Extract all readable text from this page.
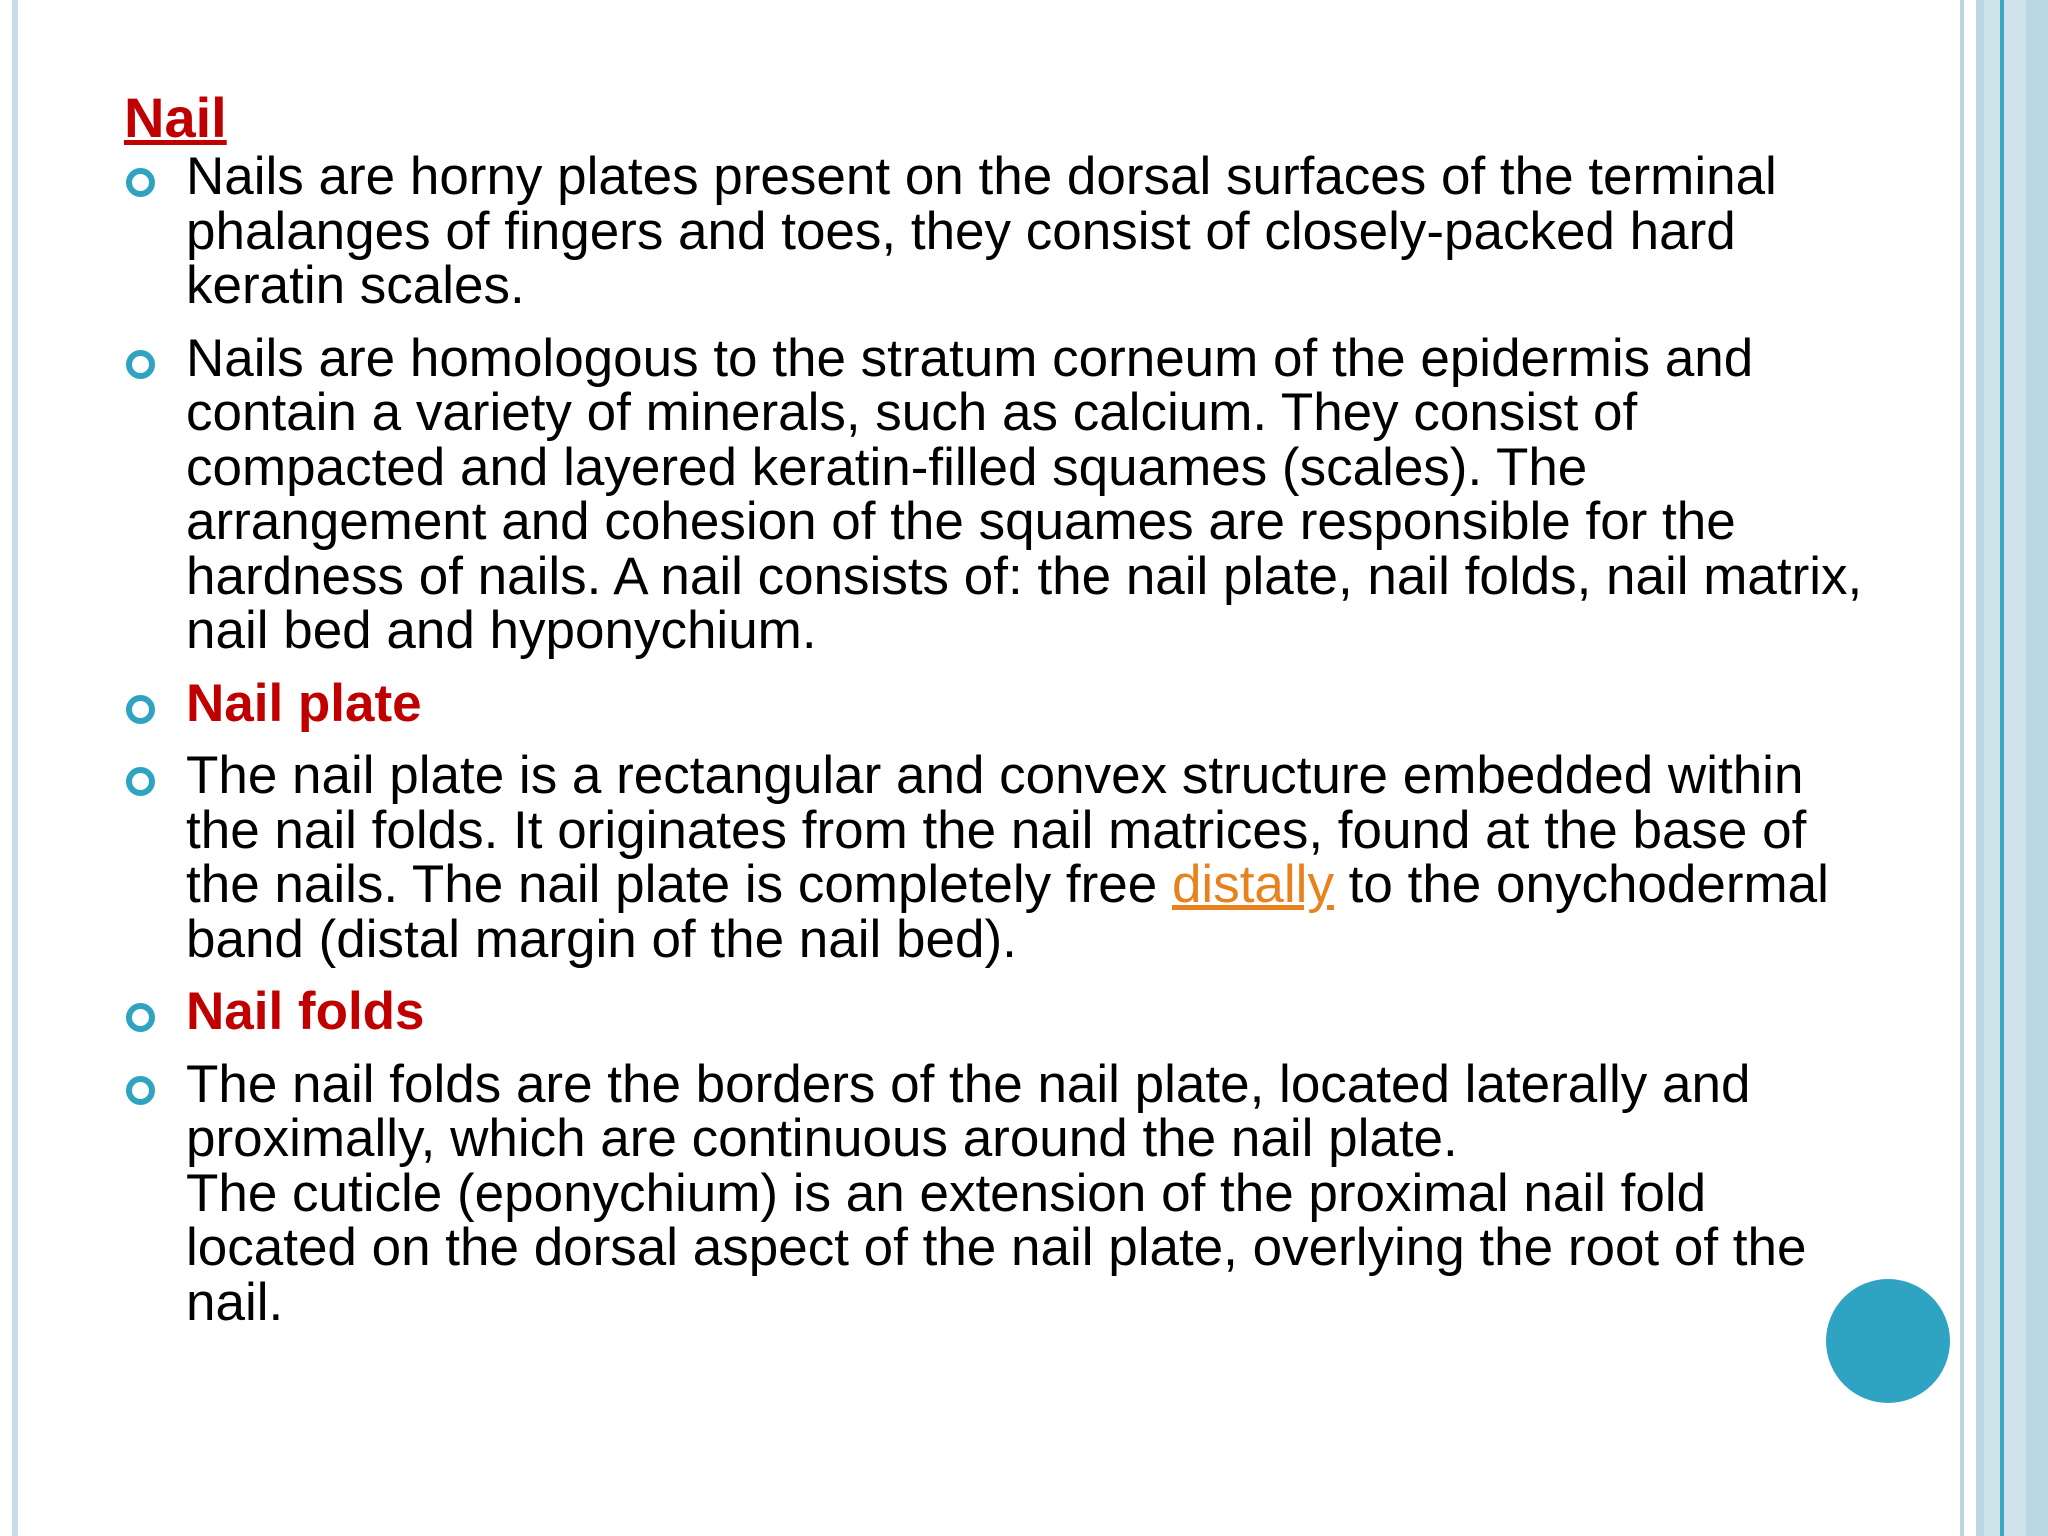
Nail
Nails are horny plates present on the dorsal surfaces of the terminal phalanges of fingers and toes, they consist of closely-packed hard keratin scales.
Nails are homologous to the stratum corneum of the epidermis and contain a variety of minerals, such as calcium. They consist of compacted and layered keratin-filled squames (scales). The arrangement and cohesion of the squames are responsible for the hardness of nails. A nail consists of: the nail plate, nail folds, nail matrix, nail bed and hyponychium.
Nail plate
The nail plate is a rectangular and convex structure embedded within the nail folds. It originates from the nail matrices, found at the base of the nails. The nail plate is completely free distally to the onychodermal band (distal margin of the nail bed).
Nail folds
The nail folds are the borders of the nail plate, located laterally and proximally, which are continuous around the nail plate.
The cuticle (eponychium) is an extension of the proximal nail fold located on the dorsal aspect of the nail plate, overlying the root of the nail.
